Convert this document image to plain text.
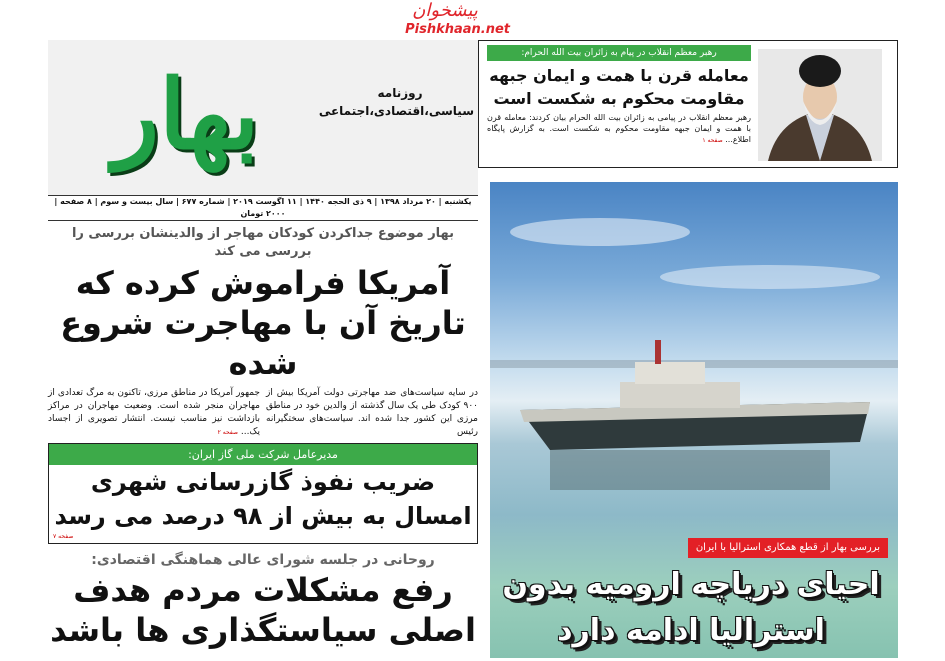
بهار	روزنامه
سیاسی،اقتصادی،اجتماعی
پیشخوان
Pishkhaan.net
یکشنبه | ۲۰ مرداد ۱۳۹۸ | ۹ ذی الحجه ۱۴۴۰ | ۱۱ اگوست ۲۰۱۹ | شماره ۶۷۷ | سال بیست و سوم | ۸ صفحه | ۲۰۰۰ تومان
بهار موضوع جداکردن کودکان مهاجر از والدینشان بررسی را بررسی می کند
آمریکا فراموش کرده که تاریخ آن با مهاجرت شروع شده
در سایه سیاست‌های ضد مهاجرتی دولت آمریکا بیش از ۹۰۰ کودک طی یک سال گذشته از والدین خود در مناطق مرزی این کشور جدا شده اند. سیاست‌های سختگیرانه رئیس
جمهور آمریکا در مناطق مرزی، تاکنون به مرگ تعدادی از مهاجران منجر شده است. وضعیت مهاجران در مراکز بازداشت نیز مناسب نیست. انتشار تصویری از اجساد یک... صفحه ۲
مدیرعامل شرکت ملی گاز ایران:
ضریب نفوذ گازرسانی شهری امسال به بیش از ۹۸ درصد می رسد
صفحه ۷
روحانی در جلسه شورای عالی هماهنگی اقتصادی:
رفع مشکلات مردم هدف اصلی سیاستگذاری ها باشد
رهبر معظم انقلاب در پیام به زائران بیت الله الحرام:
معامله قرن با همت و ایمان جبهه مقاومت محکوم به شکست است
رهبر معظم انقلاب در پیامی به زائران بیت الله الحرام بیان کردند: معامله قرن با همت و ایمان جبهه مقاومت محکوم به شکست است. به گزارش پایگاه اطلاع... صفحه ۱
بررسی بهار از قطع همکاری استرالیا با ایران
احیای دریاچه ارومیه بدون استرالیا ادامه دارد
